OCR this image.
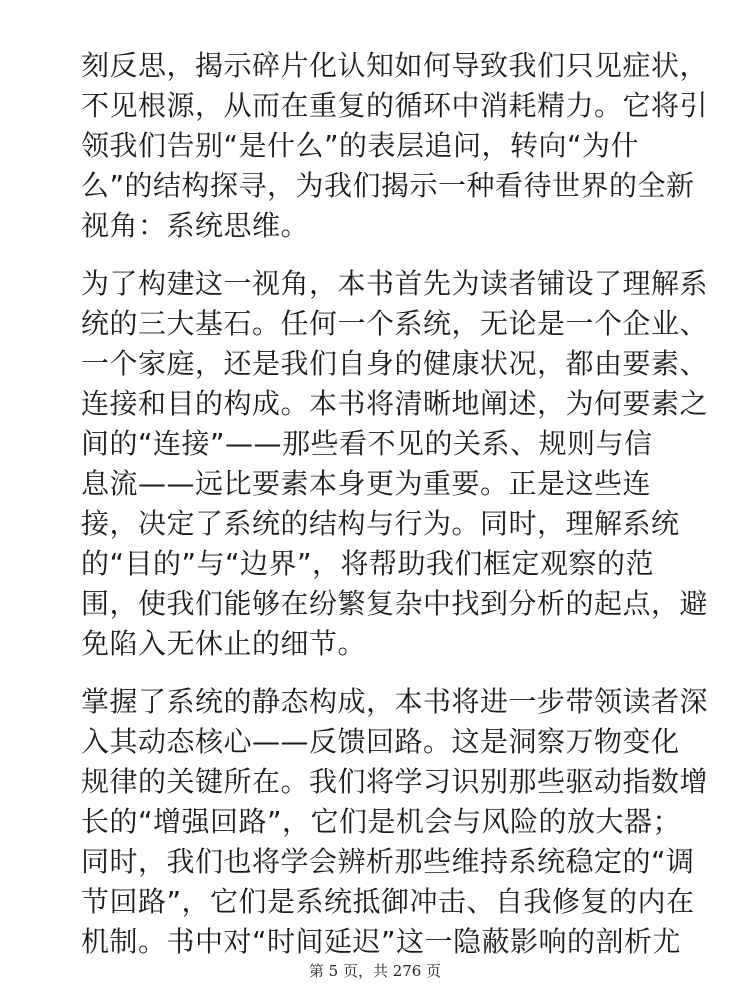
刻反思，揭示碎片化认知如何导致我们只见症状，
不见根源，从而在重复的循环中消耗精力。它将引
领我们告别“是什么”的表层追问，转向“为什
么”的结构探寻，为我们揭示一种看待世界的全新
视角：系统思维。
为了构建这一视角，本书首先为读者铺设了理解系
统的三大基石。任何一个系统，无论是一个企业、
一个家庭，还是我们自身的健康状况，都由要素、
连接和目的构成。本书将清晰地阐述，为何要素之
间的“连接”——那些看不见的关系、规则与信
息流——远比要素本身更为重要。正是这些连
接，决定了系统的结构与行为。同时，理解系统
的“目的”与“边界”，将帮助我们框定观察的范
围，使我们能够在纷繁复杂中找到分析的起点，避
免陷入无休止的细节。
掌握了系统的静态构成，本书将进一步带领读者深
入其动态核心——反馈回路。这是洞察万物变化
规律的关键所在。我们将学习识别那些驱动指数增
长的“增强回路”，它们是机会与风险的放大器；
同时，我们也将学会辨析那些维持系统稳定的“调
节回路”，它们是系统抵御冲击、自我修复的内在
机制。书中对“时间延迟”这一隐蔽影响的剖析尤
第 5 页，共 276 页
